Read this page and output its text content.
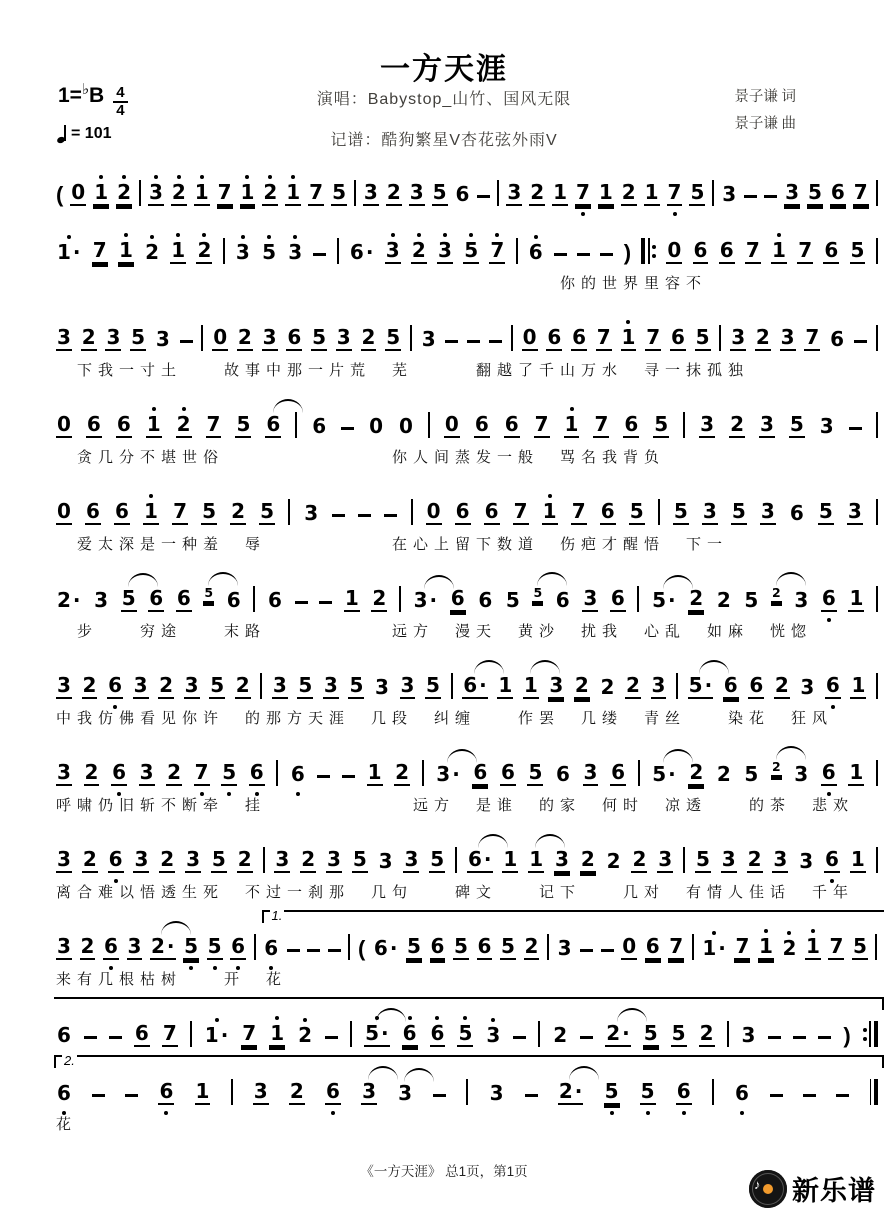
一方天涯
1= ♭ B $\frac{4}{4}$
= 101
演唱：Babystop_山竹、国风无限
记谱：酷狗繁星V杏花弦外雨V
景子谦 词
景子谦 曲
( 0 1 2 3 2 1 7 1 2 1 7 5 3 2 3 5 6 3 2 1 7 1 2 1 7 5 3 3 5 6 7
1 · 7 1 2 1 2 3 5 3 6 · 3 2 3 5 7 6	) 0 6 6 7 1 7 6 5
　　　　　　　　　　　　　　　　　　　　　　　　你的世界里容不
3 2 3 5 3 0 2 3 6 5 3 2 5 3	0 6 6 7 1 7 6 5 3 2 3 7 6
　下我一寸土　　故事中那一片荒　芜　　　翻越了千山万水　寻一抹孤独
0 6 6 1 2 7 5 6 6 0 0 0 6 6 7 1 7 6 5 3 2 3 5 3
　贪几分不堪世俗　　　　　　　　你人间蒸发一般　骂名我背负
0 6 6 1 7 5 2 5 3	0 6 6 7 1 7 6 5 5 3 5 3 6 5 3
　爱太深是一种羞　辱　　　　　　在心上留下数道　伤疤才醒悟　下一
2 · 3 5 6 6 5 6 6	1 2 3 · 6 6 5 5 6 3 6 5 · 2 2 5 2 3 6 1
　步　　穷途　　末路　　　　　　远方　漫天　黄沙　扰我　心乱　如麻　恍惚
3 2 6 3 2 3 5 2 3 5 3 5 3 3 5 6 · 1 1 3 2 2 2 3 5 · 6 6 2 3 6 1
中我仿佛看见你许　的那方天涯　几段　纠缠　　作罢　几缕　青丝　　染花　狂风
3 2 6 3 2 7 5 6 6	1 2 3 · 6 6 5 6 3 6 5 · 2 2 5 2 3 6 1
呼啸仍旧斩不断牵　挂　　　　　　　远方　是谁　的家　何时　凉透　　的茶　悲欢
3 2 6 3 2 3 5 2 3 2 3 5 3 3 5 6 · 1 1 3 2 2 2 3 5 3 2 3 3 6 1
离合难以悟透生死　不过一刹那　几句　　碑文　　记下　　几对　有情人佳话　千年
1.
3 2 6 3 2 · 5 5 6 6	( 6 · 5 6 5 6 5 2 3	0 6 7 1 · 7 1 2 1 7 5
来有几根枯树　　开　花
6	6 7 1 · 7 1 2	5 · 6 6 5 3	2 2 · 5 5 2 3	)
2.
6	6 1 3 2 6 3 3	3	2 · 5 5 6 6
花
《一方天涯》 总1页，第1页
♪ 新乐谱
